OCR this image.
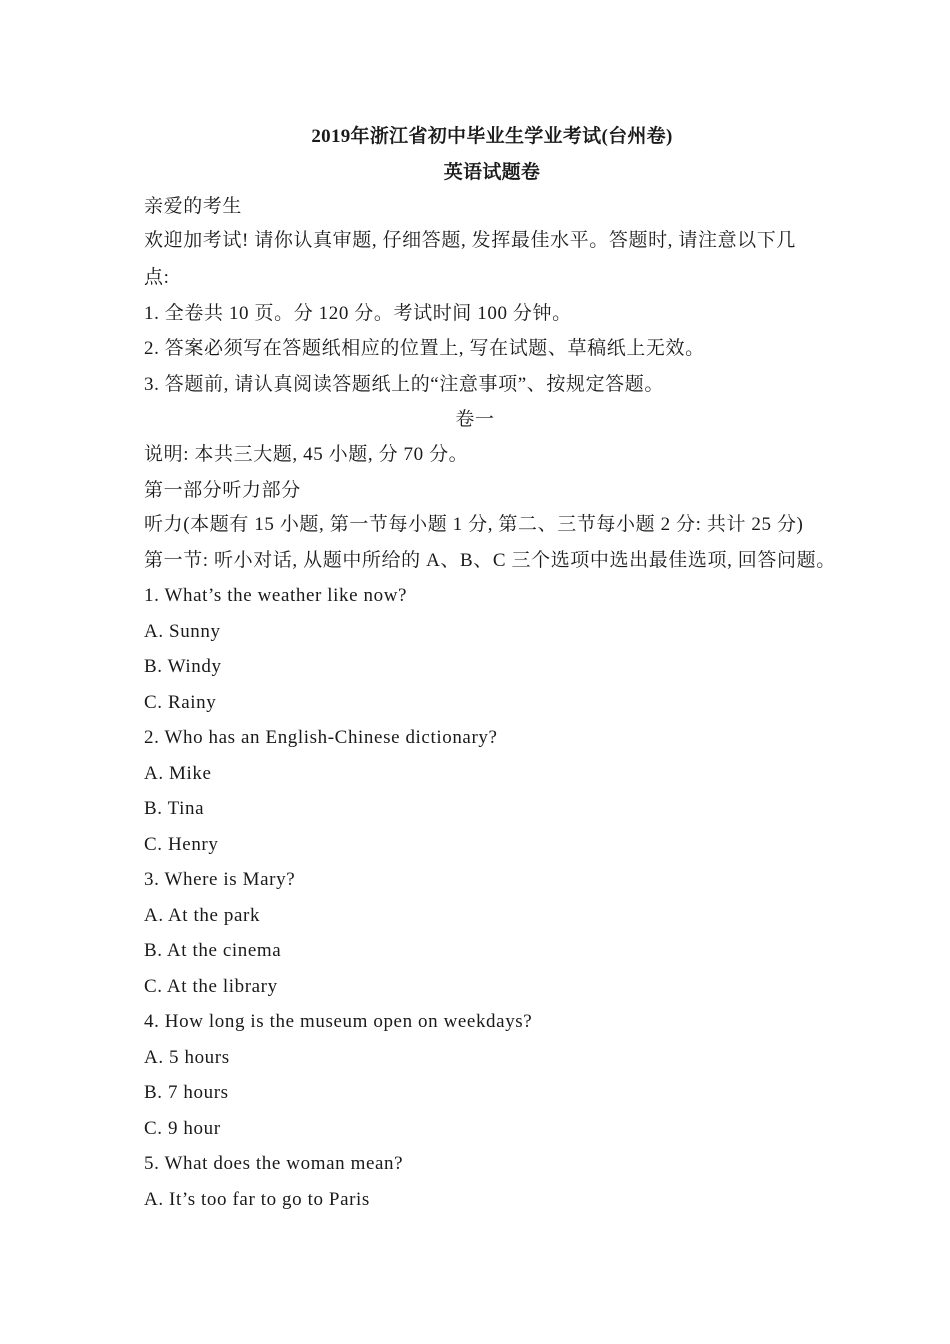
2019年浙江省初中毕业生学业考试(台州卷)
英语试题卷
亲爱的考生
欢迎加考试! 请你认真审题, 仔细答题, 发挥最佳水平。答题时, 请注意以下几
点:
1. 全卷共 10 页。分 120 分。考试时间 100 分钟。
2. 答案必须写在答题纸相应的位置上, 写在试题、草稿纸上无效。
3. 答题前, 请认真阅读答题纸上的“注意事项”、按规定答题。
卷一
说明: 本共三大题, 45 小题, 分 70 分。
第一部分听力部分
听力(本题有 15 小题, 第一节每小题 1 分, 第二、三节每小题 2 分: 共计 25 分)
第一节: 听小对话, 从题中所给的 A、B、C 三个选项中选出最佳选项, 回答问题。
1. What’s the weather like now?
A. Sunny
B. Windy
C. Rainy
2. Who has an English-Chinese dictionary?
A. Mike
B. Tina
C. Henry
3. Where is Mary?
A. At the park
B. At the cinema
C. At the library
4. How long is the museum open on weekdays?
A. 5 hours
B. 7 hours
C. 9 hour
5. What does the woman mean?
A. It’s too far to go to Paris
